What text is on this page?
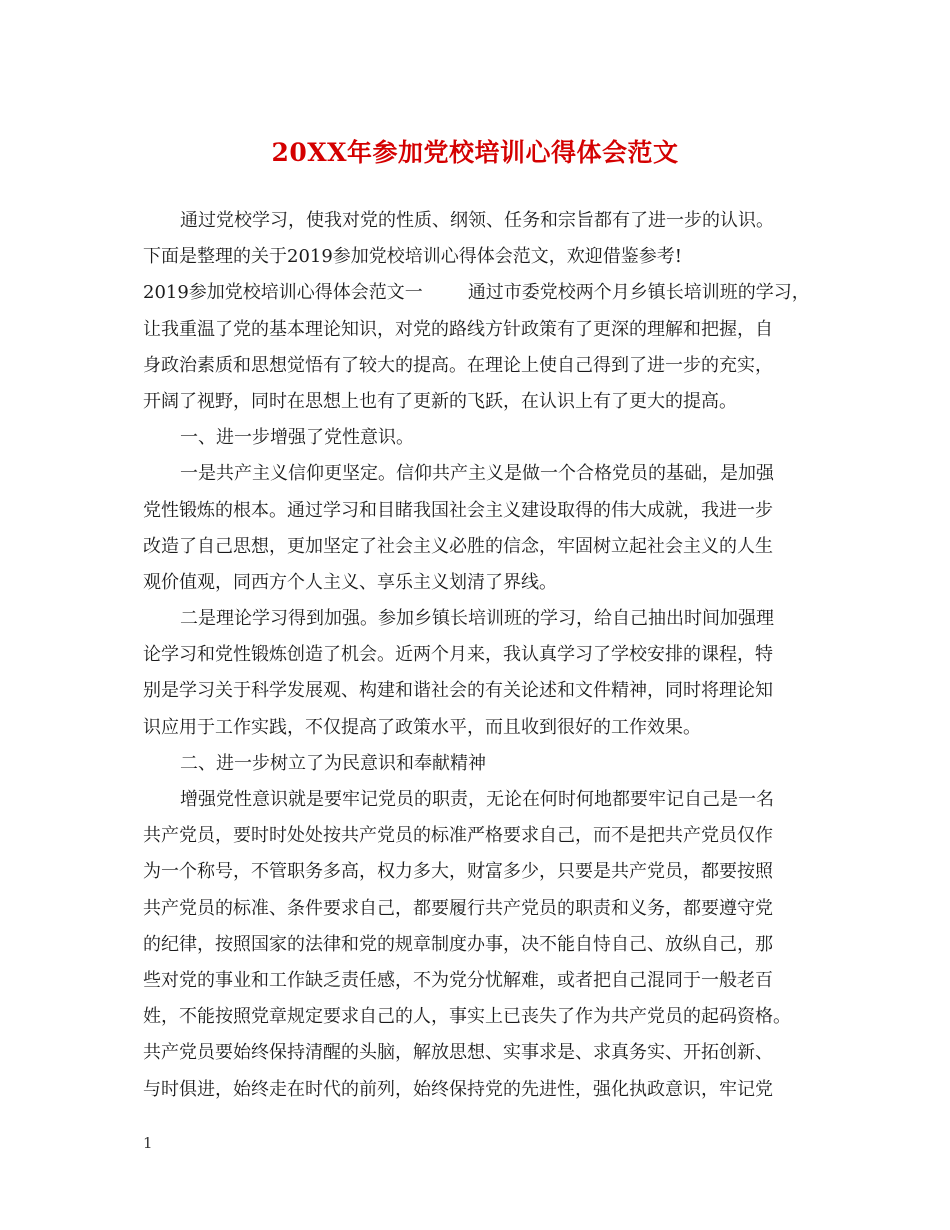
20XX年参加党校培训心得体会范文
通过党校学习，使我对党的性质、纲领、任务和宗旨都有了进一步的认识。
下面是整理的关于2019参加党校培训心得体会范文，欢迎借鉴参考!
2019参加党校培训心得体会范文一	通过市委党校两个月乡镇长培训班的学习，
让我重温了党的基本理论知识，对党的路线方针政策有了更深的理解和把握，自
身政治素质和思想觉悟有了较大的提高。在理论上使自己得到了进一步的充实，
开阔了视野，同时在思想上也有了更新的飞跃，在认识上有了更大的提高。
一、进一步增强了党性意识。
一是共产主义信仰更坚定。信仰共产主义是做一个合格党员的基础，是加强
党性锻炼的根本。通过学习和目睹我国社会主义建设取得的伟大成就，我进一步
改造了自己思想，更加坚定了社会主义必胜的信念，牢固树立起社会主义的人生
观价值观，同西方个人主义、享乐主义划清了界线。
二是理论学习得到加强。参加乡镇长培训班的学习，给自己抽出时间加强理
论学习和党性锻炼创造了机会。近两个月来，我认真学习了学校安排的课程，特
别是学习关于科学发展观、构建和谐社会的有关论述和文件精神，同时将理论知
识应用于工作实践，不仅提高了政策水平，而且收到很好的工作效果。
二、进一步树立了为民意识和奉献精神
增强党性意识就是要牢记党员的职责，无论在何时何地都要牢记自己是一名
共产党员，要时时处处按共产党员的标准严格要求自己，而不是把共产党员仅作
为一个称号，不管职务多高，权力多大，财富多少，只要是共产党员，都要按照
共产党员的标准、条件要求自己，都要履行共产党员的职责和义务，都要遵守党
的纪律，按照国家的法律和党的规章制度办事，决不能自恃自己、放纵自己，那
些对党的事业和工作缺乏责任感，不为党分忧解难，或者把自己混同于一般老百
姓，不能按照党章规定要求自己的人，事实上已丧失了作为共产党员的起码资格。
共产党员要始终保持清醒的头脑，解放思想、实事求是、求真务实、开拓创新、
与时俱进，始终走在时代的前列，始终保持党的先进性，强化执政意识，牢记党
1
